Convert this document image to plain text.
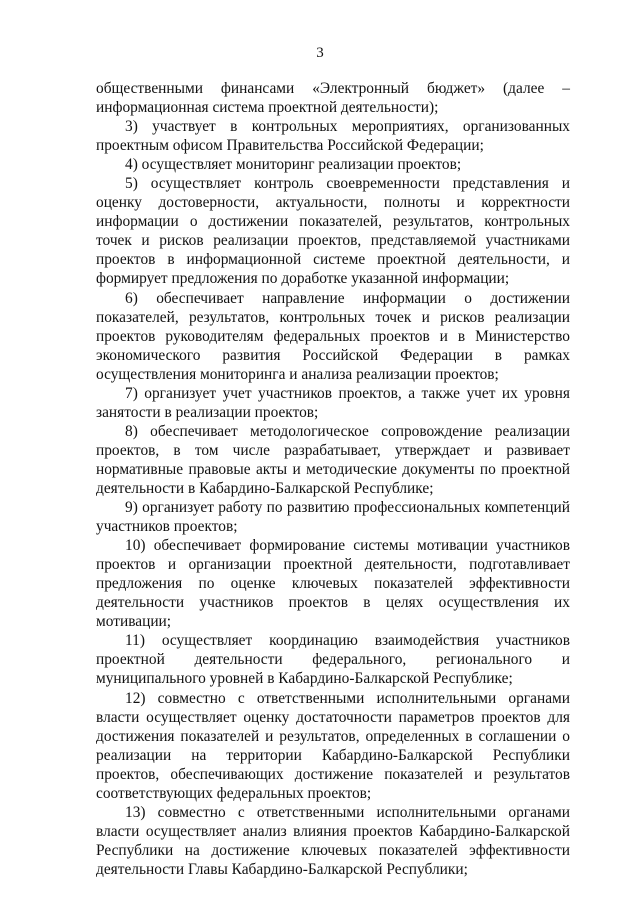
3

общественными финансами «Электронный бюджет» (далее – информационная система проектной деятельности);

3) участвует в контрольных мероприятиях, организованных проектным офисом Правительства Российской Федерации;

4) осуществляет мониторинг реализации проектов;

5) осуществляет контроль своевременности представления и оценку достоверности, актуальности, полноты и корректности информации о достижении показателей, результатов, контрольных точек и рисков реализации проектов, представляемой участниками проектов в информационной системе проектной деятельности, и формирует предложения по доработке указанной информации;

6) обеспечивает направление информации о достижении показателей, результатов, контрольных точек и рисков реализации проектов руководителям федеральных проектов и в Министерство экономического развития Российской Федерации в рамках осуществления мониторинга и анализа реализации проектов;

7) организует учет участников проектов, а также учет их уровня занятости в реализации проектов;

8) обеспечивает методологическое сопровождение реализации проектов, в том числе разрабатывает, утверждает и развивает нормативные правовые акты и методические документы по проектной деятельности в Кабардино-Балкарской Республике;

9) организует работу по развитию профессиональных компетенций участников проектов;

10) обеспечивает формирование системы мотивации участников проектов и организации проектной деятельности, подготавливает предложения по оценке ключевых показателей эффективности деятельности участников проектов в целях осуществления их мотивации;

11) осуществляет координацию взаимодействия участников проектной деятельности федерального, регионального и муниципального уровней в Кабардино-Балкарской Республике;

12) совместно с ответственными исполнительными органами власти осуществляет оценку достаточности параметров проектов для достижения показателей и результатов, определенных в соглашении о реализации на территории Кабардино-Балкарской Республики проектов, обеспечивающих достижение показателей и результатов соответствующих федеральных проектов;

13) совместно с ответственными исполнительными органами власти осуществляет анализ влияния проектов Кабардино-Балкарской Республики на достижение ключевых показателей эффективности деятельности Главы Кабардино-Балкарской Республики;
